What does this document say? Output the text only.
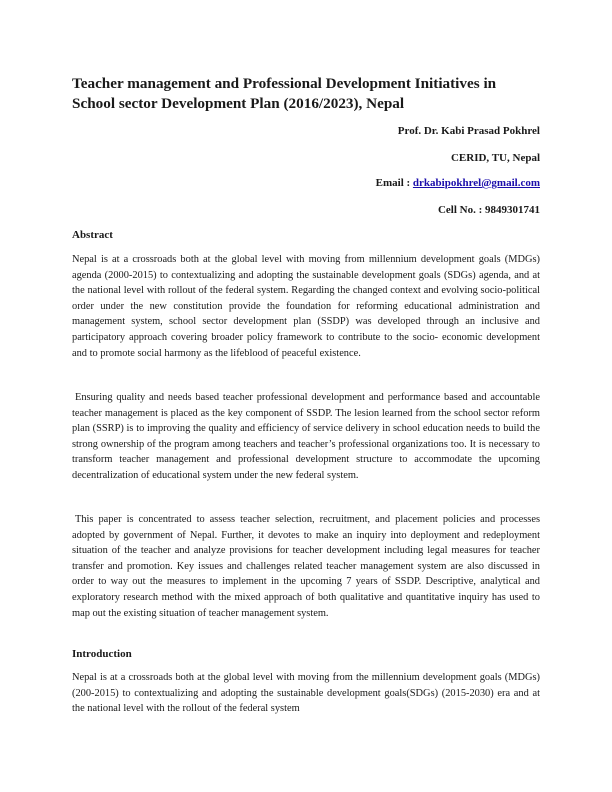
Teacher management and Professional Development Initiatives in School sector Development Plan (2016/2023), Nepal
Prof. Dr. Kabi Prasad Pokhrel
CERID, TU, Nepal
Email : drkabipokhrel@gmail.com
Cell No. : 9849301741
Abstract
Nepal is at a crossroads both at the global level with moving from millennium development goals (MDGs) agenda (2000-2015) to contextualizing and adopting the sustainable development goals (SDGs) agenda, and at the national level with rollout of the federal system. Regarding the changed context and evolving socio-political order under the new constitution provide the foundation for reforming educational administration and management system, school sector development plan (SSDP) was developed through an inclusive and participatory approach covering broader policy framework to contribute to the socio- economic development and to promote social harmony as the lifeblood of peaceful existence.
Ensuring quality and needs based teacher professional development and performance based and accountable teacher management is placed as the key component of SSDP. The lesion learned from the school sector reform plan (SSRP) is to improving the quality and efficiency of service delivery in school education needs to build the strong ownership of the program among teachers and teacher’s professional organizations too. It is necessary to transform teacher management and professional development structure to accommodate the upcoming decentralization of educational system under the new federal system.
This paper is concentrated to assess teacher selection, recruitment, and placement policies and processes adopted by government of Nepal. Further, it devotes to make an inquiry into deployment and redeployment situation of the teacher and analyze provisions for teacher development including legal measures for teacher transfer and promotion. Key issues and challenges related teacher management system are also discussed in order to way out the measures to implement in the upcoming 7 years of SSDP. Descriptive, analytical and exploratory research method with the mixed approach of both qualitative and quantitative inquiry has used to map out the existing situation of teacher management system.
Introduction
Nepal is at a crossroads both at the global level with moving from the millennium development goals (MDGs) (200-2015) to contextualizing and adopting the sustainable development goals(SDGs) (2015-2030) era and at the national level with the rollout of the federal system
